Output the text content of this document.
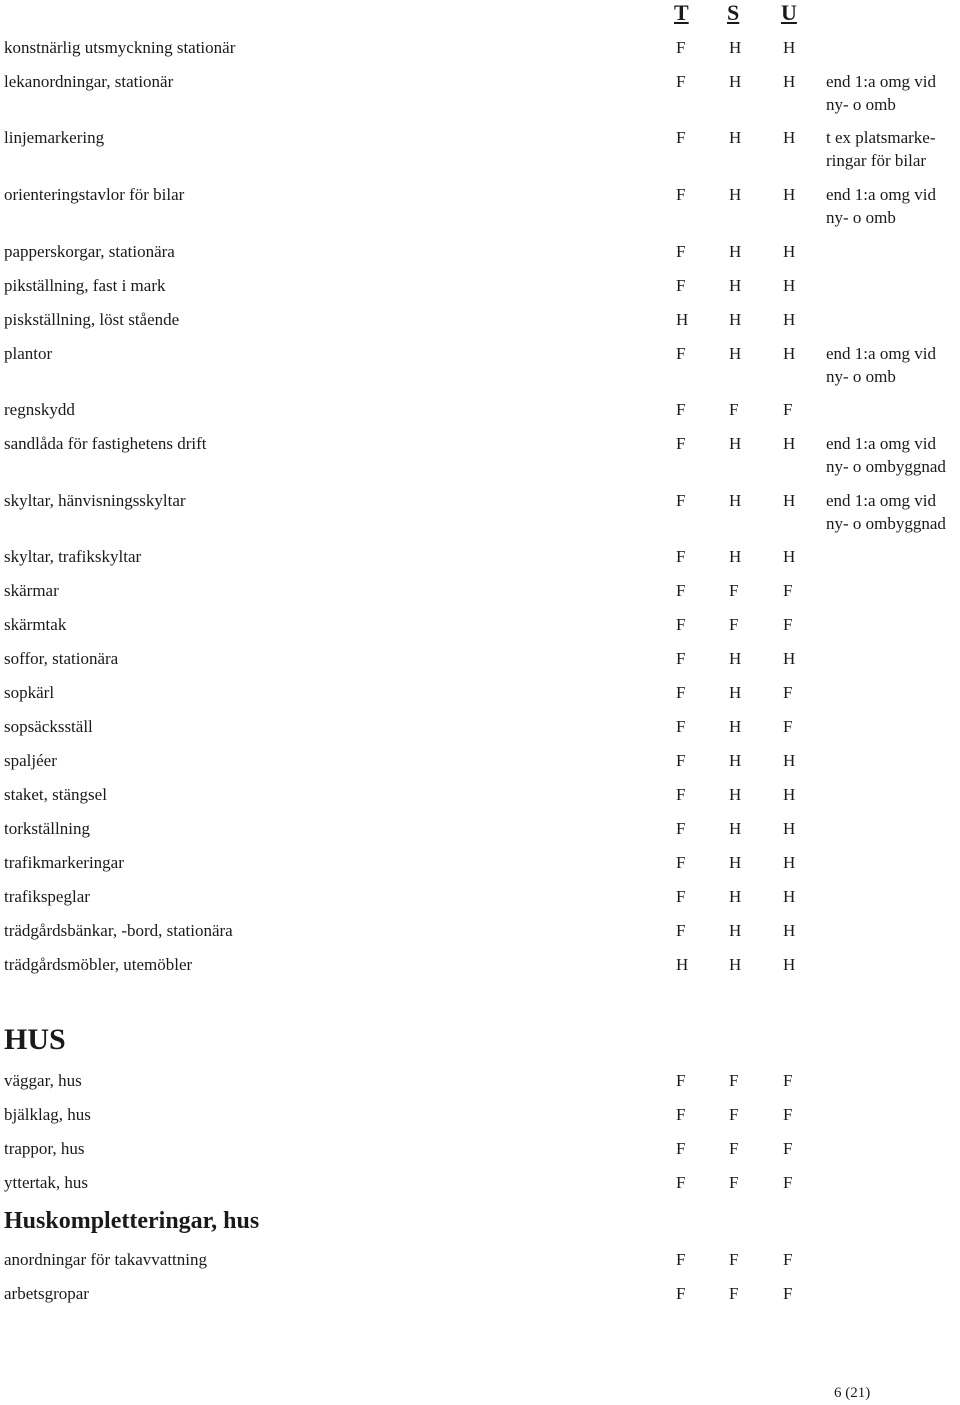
T S U
konstnärlig utsmyckning stationär	F	H H
lekanordningar, stationär	F	H H end 1:a omg vid
ny- o omb
linjemarkering	F	H H t ex platsmarke-
ringar för bilar
orienteringstavlor för bilar	F	H H end 1:a omg vid
ny- o omb
papperskorgar, stationära	F	H H
pikställning, fast i mark	F	H H
piskställning, löst stående	H H H
plantor	F	H H end 1:a omg vid
ny- o omb
regnskydd	F	F	F
sandlåda för fastighetens drift	F	H H end 1:a omg vid
ny- o ombyggnad
skyltar, hänvisningsskyltar	F	H H end 1:a omg vid
ny- o ombyggnad
skyltar, trafikskyltar	F	H H
skärmar	F	F	F
skärmtak	F	F	F
soffor, stationära	F	H H
sopkärl	F	H F
sopsäcksställ	F	H F
spaljéer	F	H H
staket, stängsel	F	H H
torkställning	F	H H
trafikmarkeringar	F	H H
trafikspeglar	F	H H
trädgårdsbänkar, -bord, stationära	F	H H
trädgårdsmöbler, utemöbler	H H H
HUS
väggar, hus	F	F	F
bjälklag, hus	F	F	F
trappor, hus	F	F	F
yttertak, hus	F	F	F
Huskompletteringar, hus
anordningar för takavvattning	F	F	F
arbetsgropar	F	F	F
6 (21)
